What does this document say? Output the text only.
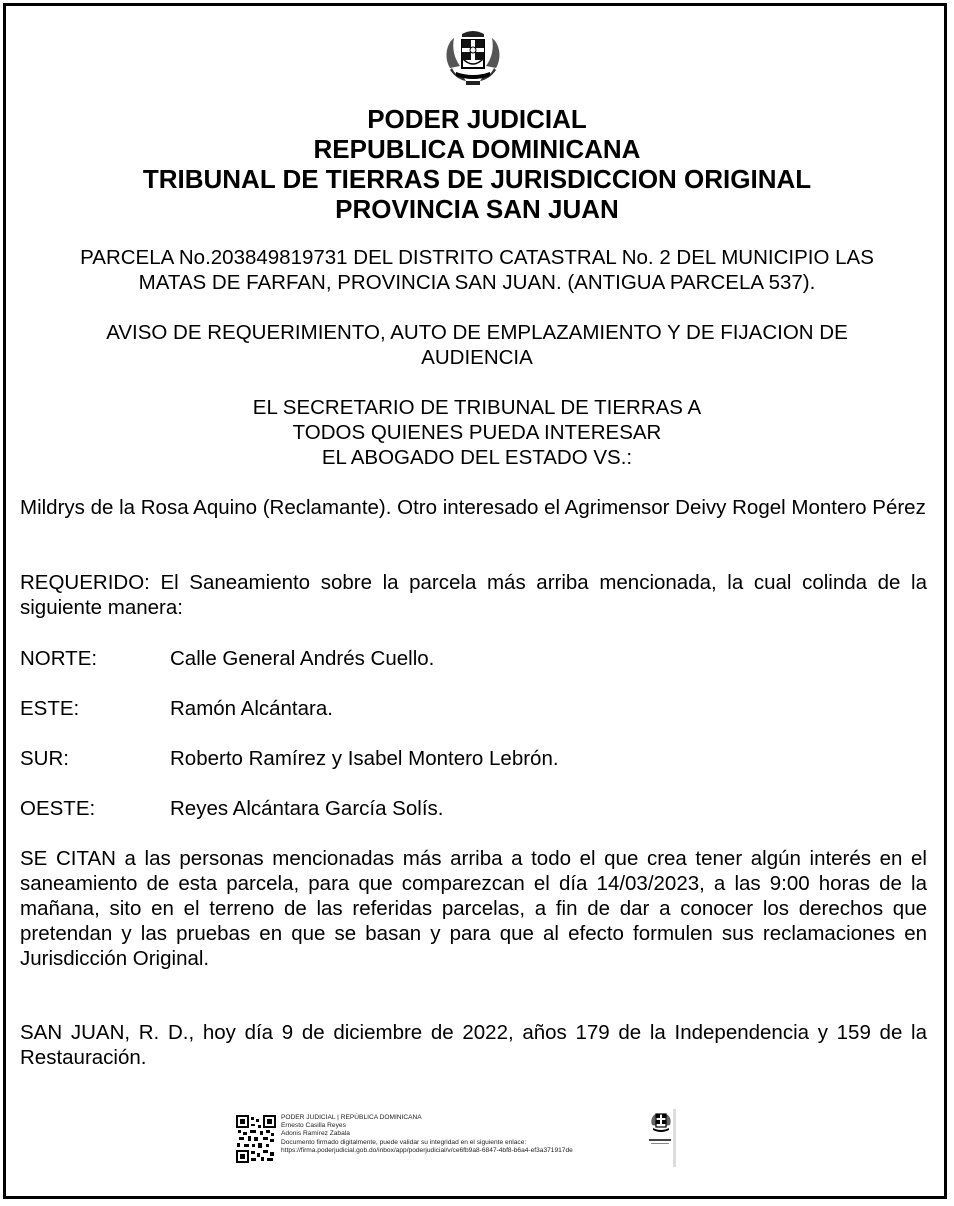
PODER JUDICIAL
REPUBLICA DOMINICANA
TRIBUNAL DE TIERRAS DE JURISDICCION ORIGINAL
PROVINCIA SAN JUAN
PARCELA No.203849819731 DEL DISTRITO CATASTRAL No. 2 DEL MUNICIPIO LAS
MATAS DE FARFAN, PROVINCIA SAN JUAN. (ANTIGUA PARCELA 537).
AVISO DE REQUERIMIENTO, AUTO DE EMPLAZAMIENTO Y DE FIJACION DE
AUDIENCIA
EL SECRETARIO DE TRIBUNAL DE TIERRAS A
TODOS QUIENES PUEDA INTERESAR
EL ABOGADO DEL ESTADO VS.:
Mildrys de la Rosa Aquino (Reclamante). Otro interesado el Agrimensor Deivy Rogel Montero Pérez
REQUERIDO: El Saneamiento sobre la parcela más arriba mencionada, la cual colinda de la siguiente manera:
NORTE:	Calle General Andrés Cuello.
ESTE:	Ramón Alcántara.
SUR:	Roberto Ramírez y Isabel Montero Lebrón.
OESTE:	Reyes Alcántara García Solís.
SE CITAN a las personas mencionadas más arriba a todo el que crea tener algún interés en el saneamiento de esta parcela, para que comparezcan el día 14/03/2023, a las 9:00 horas de la mañana, sito en el terreno de las referidas parcelas, a fin de dar a conocer los derechos que pretendan y las pruebas en que se basan y para que al efecto formulen sus reclamaciones en Jurisdicción Original.
SAN JUAN, R. D., hoy día 9 de diciembre de 2022, años 179 de la Independencia y 159 de la Restauración.
PODER JUDICIAL | REPÚBLICA DOMINICANA
Ernesto Casilla Reyes
Adonis Ramírez Zabala
Documento firmado digitalmente, puede validar su integridad en el siguiente enlace:
https://firma.poderjudicial.gob.do/inbox/app/poderjudicial/v/ce6fb9a8-6847-4bf8-b6a4-ef3a371917de
